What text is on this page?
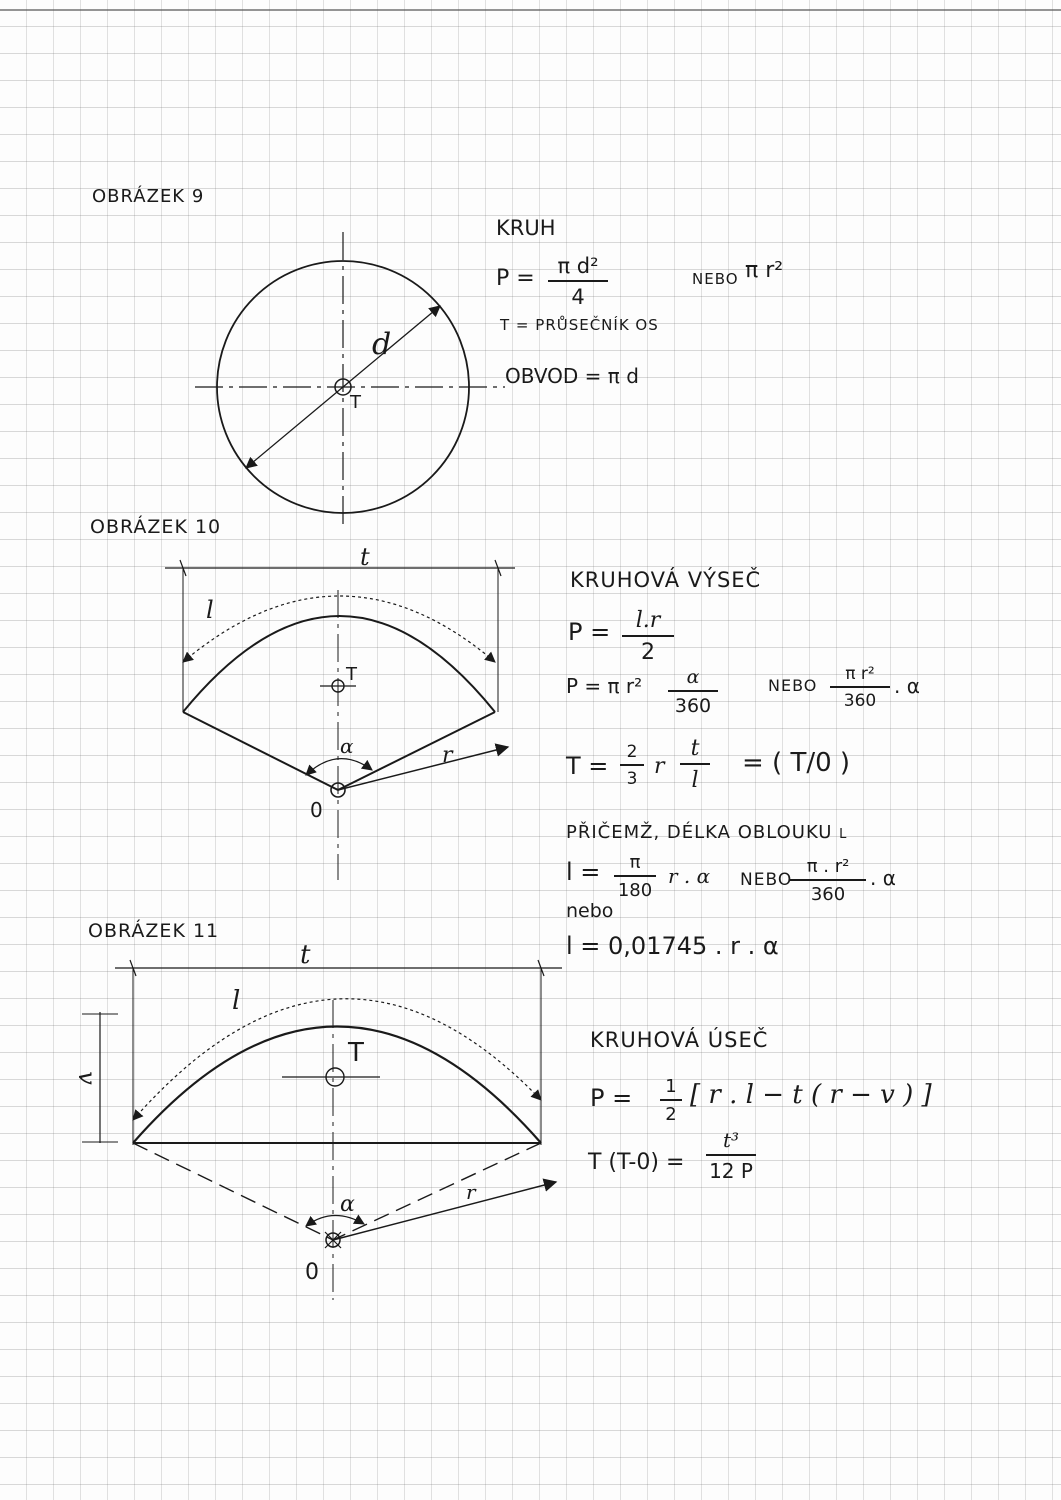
OBRÁZEK 9
d
T
KRUH
$P = \frac{\text{π d²}}{4}$	NEBO π r²
T = PRŮSEČNÍK OS
OBVOD = π d
OBRÁZEK 10
t
l
T
α	r
0
KRUHOVÁ VÝSEČ
$P = \frac{l.r}{2}$
P = π $r^2 \frac{\alpha}{360}$	NEBO $\frac{\text{π r²}}{360}$ . α
$T = \frac{2}{3}$ r $\frac{t}{l}$ = ( T/0 )
PŘIČEMŽ, DÉLKA OBLOUKU l
$l = \frac{\pi}{180}$ r . α NEBO
$\frac{\text{π . r²}}{360}$ . α
nebo
l = 0,01745 . r . α
OBRÁZEK 11
t
l
v
T
α	r
0
KRUHOVÁ ÚSEČ
$P = \frac{1}{2}$ [ r . l − t ( r − v ) ]
T $(T-0) = \frac{\text{t³}}{12 P}$
